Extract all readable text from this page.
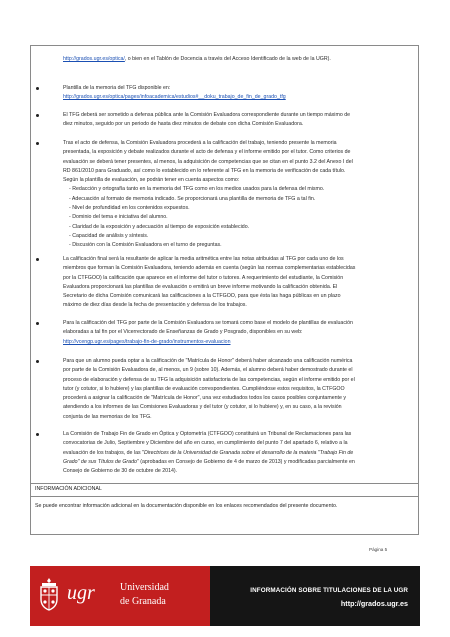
http://grados.ugr.es/optica/, o bien en el Tablón de Docencia a través del Acceso Identificado de la web de la UGR).
Plantilla de la memoria del TFG disponible en:
http://grados.ugr.es/optica/pages/infoacademica/estudios#__doku_trabajo_de_fin_de_grado_tfg
El TFG deberá ser sometido a defensa pública ante la Comisión Evaluadora correspondiente durante un tiempo máximo de
diez minutos, seguido por un periodo de hasta diez minutos de debate con dicha Comisión Evaluadora.
Tras el acto de defensa, la Comisión Evaluadora procederá a la calificación del trabajo, teniendo presente la memoria
presentada, la exposición y debate realizados durante el acto de defensa y el informe emitido por el tutor. Como criterios de
evaluación se deberá tener presentes, al menos, la adquisición de competencias que se citan en el punto 3.2 del Anexo I del
RD 861/2010 para Graduado, así como lo establecido en lo referente al TFG en la memoria de verificación de cada título.
Según la plantilla de evaluación, se podrán tener en cuenta aspectos como:
- Redacción y ortografía tanto en la memoria del TFG como en los medios usados para la defensa del mismo.
- Adecuación al formato de memoria indicado. Se proporcionará una plantilla de memoria de TFG a tal fin.
- Nivel de profundidad en los contenidos expuestos.
- Dominio del tema e iniciativa del alumno.
- Claridad de la exposición y adecuación al tiempo de exposición establecido.
- Capacidad de análisis y síntesis.
- Discusión con la Comisión Evaluadora en el turno de preguntas.
La calificación final será la resultante de aplicar la media aritmética entre las notas atribuidas al TFG por cada uno de los
miembros que forman la Comisión Evaluadora, teniendo además en cuenta (según las normas complementarias establecidas
por la CTFGOO) la calificación que aparece en el informe del tutor o tutores. A requerimiento del estudiante, la Comisión
Evaluadora proporcionará las plantillas de evaluación o emitirá un breve informe motivando la calificación obtenida. El
Secretario de dicha Comisión comunicará las calificaciones a la CTFGOO, para que ésta las haga públicas en un plazo
máximo de diez días desde la fecha de presentación y defensa de los trabajos.
Para la calificación del TFG por parte de la Comisión Evaluadora se tomará como base el modelo de plantillas de evaluación
elaboradas a tal fin por el Vicerrectorado de Enseñanzas de Grado y Posgrado, disponibles en su web:
http://vcengp.ugr.es/pages/trabajo-fin-de-grado/instrumentos-evaluacion
Para que un alumno pueda optar a la calificación de "Matrícula de Honor" deberá haber alcanzado una calificación numérica
por parte de la Comisión Evaluadora de, al menos, un 9 (sobre 10). Además, el alumno deberá haber demostrado durante el
proceso de elaboración y defensa de su TFG la adquisición satisfactoria de las competencias, según el informe emitido por el
tutor (y cotutor, si lo hubiere) y las plantillas de evaluación correspondientes. Cumpliéndose estos requisitos, la CTFGOO
procederá a asignar la calificación de "Matrícula de Honor", una vez estudiados todos los casos posibles conjuntamente y
atendiendo a los informes de las Comisiones Evaluadoras y del tutor (y cotutor, si lo hubiere) y, en su caso, a la revisión
conjunta de las memorias de los TFG.
La Comisión de Trabajo Fin de Grado en Óptica y Optometría (CTFGOO) constituirá un Tribunal de Reclamaciones para las
convocatorias de Julio, Septiembre y Diciembre del año en curso, en cumplimiento del punto 7 del apartado 6, relativo a la
evaluación de los trabajos, de las "Directrices de la Universidad de Granada sobre el desarrollo de la materia "Trabajo Fin de
Grado" de sus Títulos de Grado" (aprobadas en Consejo de Gobierno de 4 de marzo de 2013) y modificadas parcialmente en
Consejo de Gobierno de 30 de octubre de 2014).
INFORMACIÓN ADICIONAL
Se puede encontrar información adicional en la documentación disponible en los enlaces recomendados del presente documento.
Página 5
ugr	Universidad
de Granada
INFORMACIÓN SOBRE TITULACIONES DE LA UGR
http://grados.ugr.es
